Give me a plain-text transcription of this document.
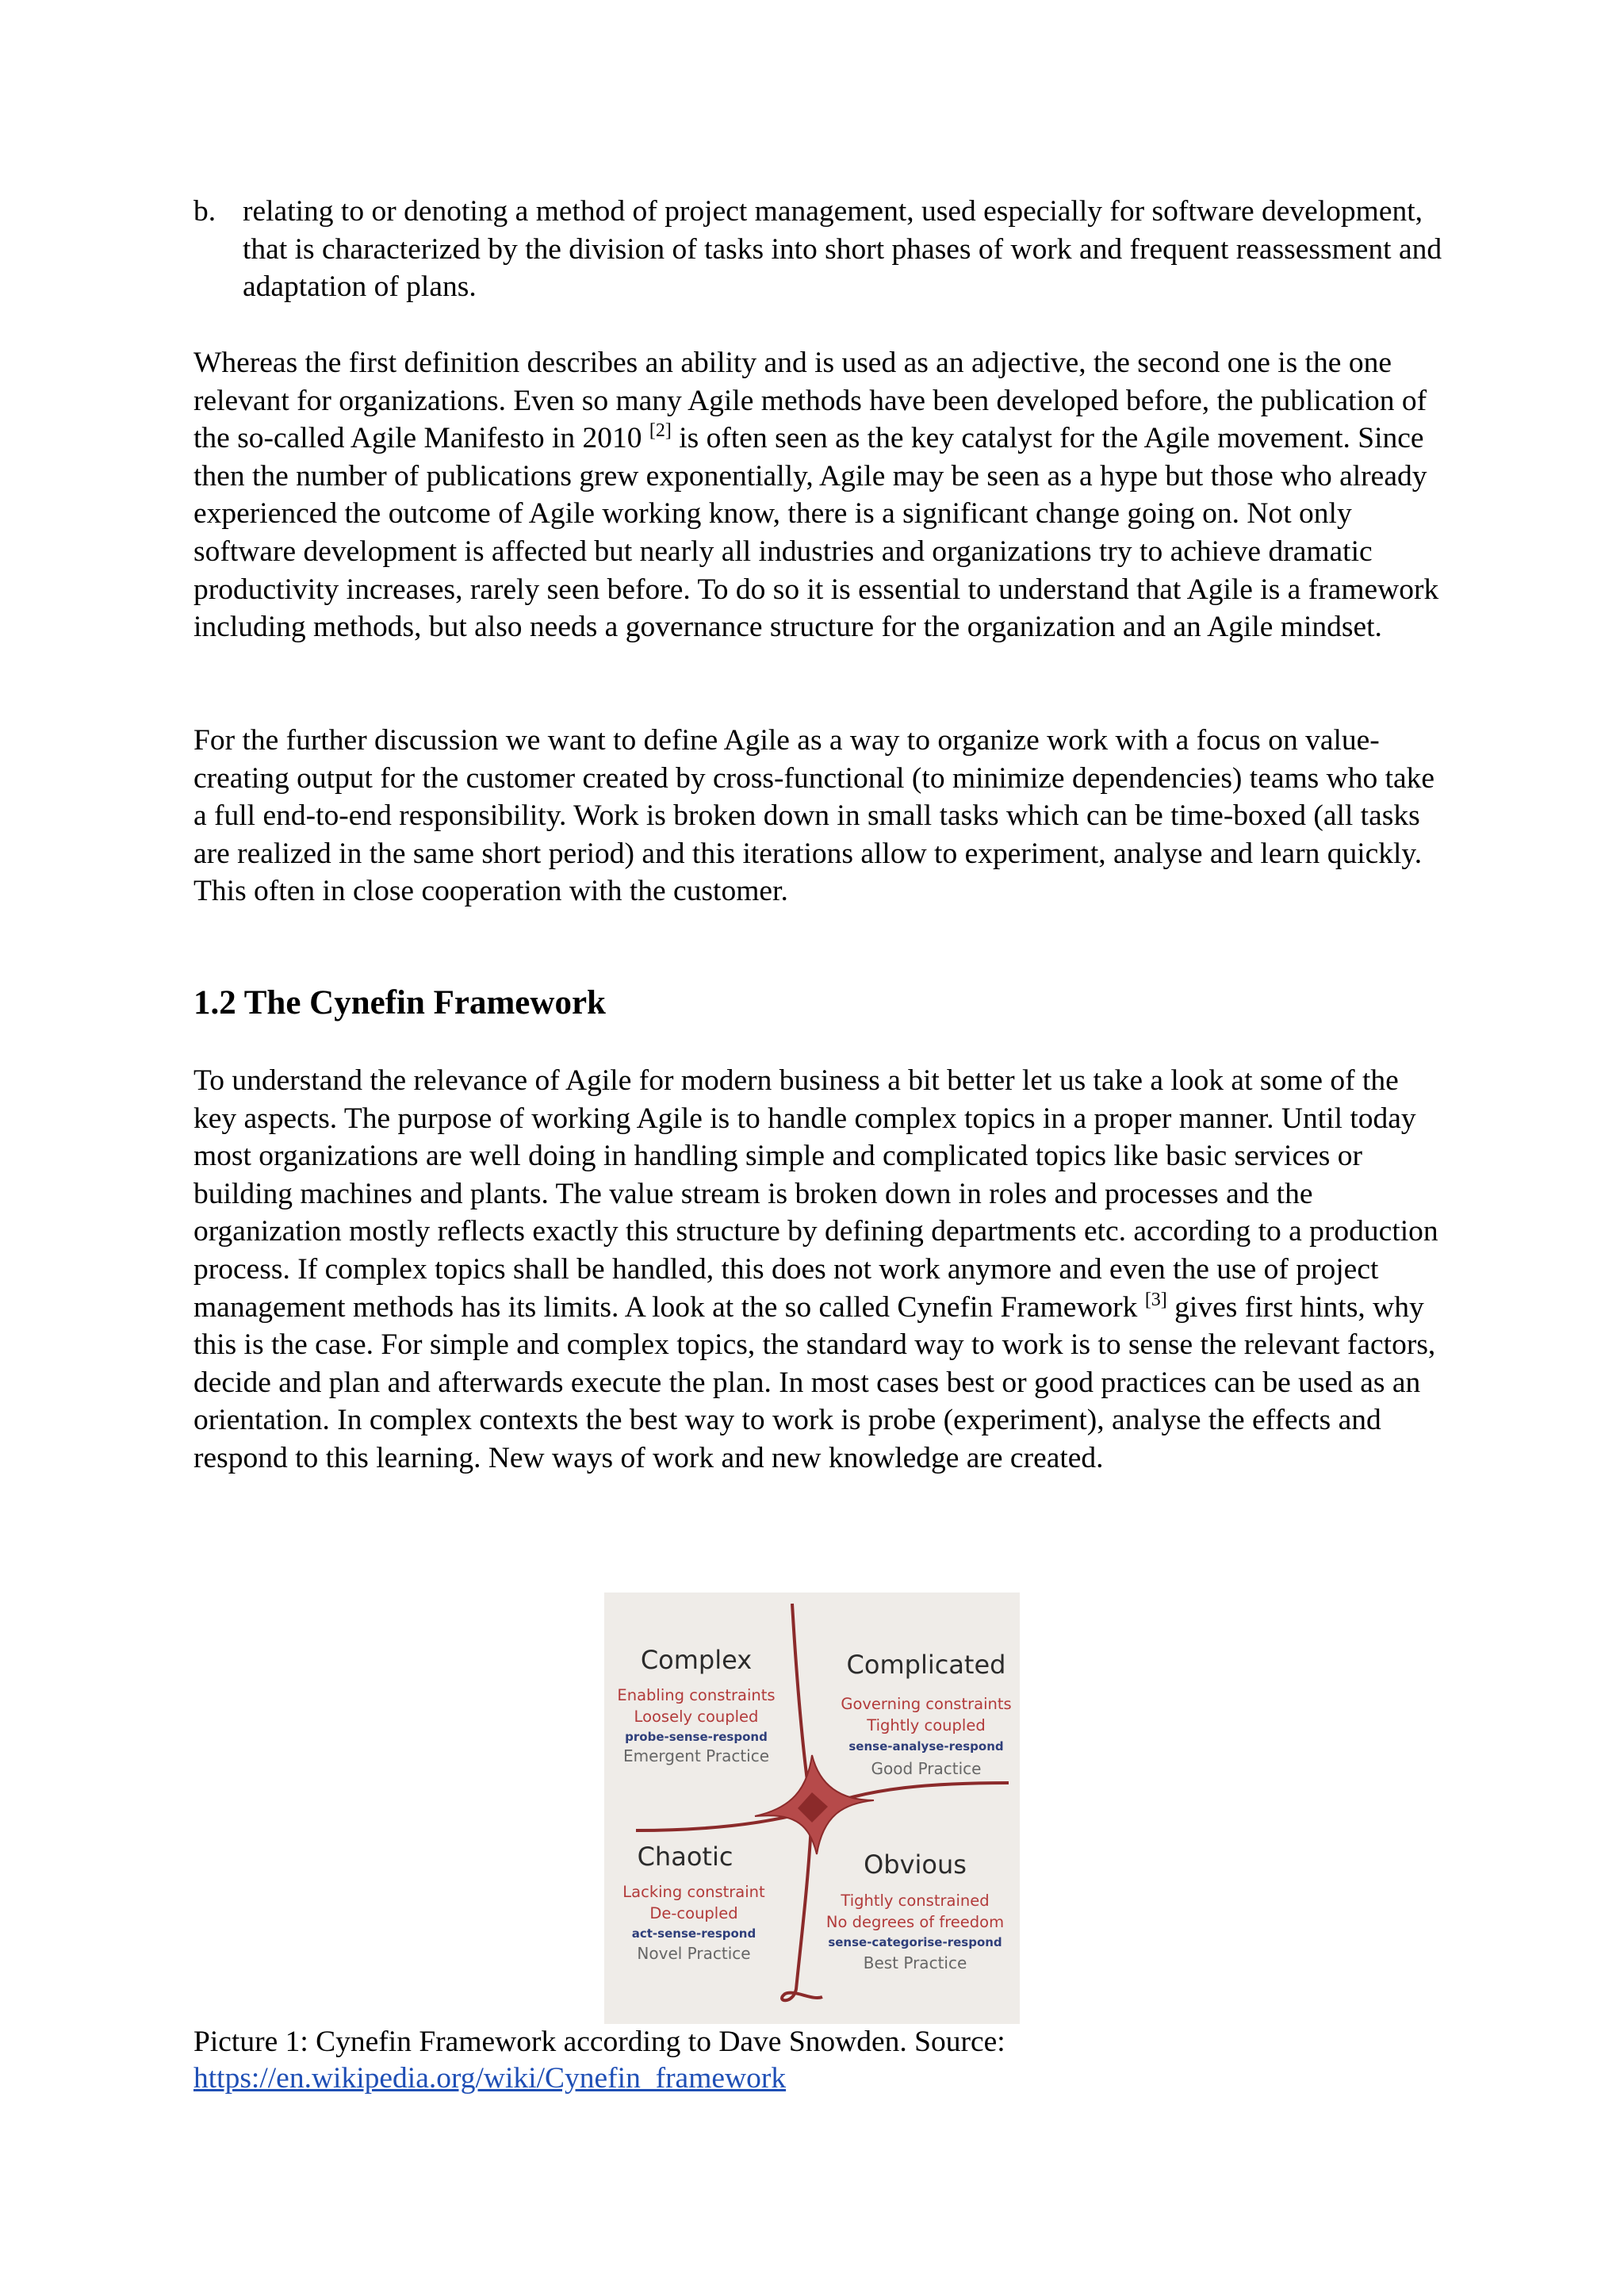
b. relating to or denoting a method of project management, used especially for software development, that is characterized by the division of tasks into short phases of work and frequent reassessment and adaptation of plans.

Whereas the first definition describes an ability and is used as an adjective, the second one is the one relevant for organizations. Even so many Agile methods have been developed before, the publication of the so-called Agile Manifesto in 2010 [2] is often seen as the key catalyst for the Agile movement. Since then the number of publications grew exponentially, Agile may be seen as a hype but those who already experienced the outcome of Agile working know, there is a significant change going on. Not only software development is affected but nearly all industries and organizations try to achieve dramatic productivity increases, rarely seen before. To do so it is essential to understand that Agile is a framework including methods, but also needs a governance structure for the organization and an Agile mindset.

For the further discussion we want to define Agile as a way to organize work with a focus on value-creating output for the customer created by cross-functional (to minimize dependencies) teams who take a full end-to-end responsibility. Work is broken down in small tasks which can be time-boxed (all tasks are realized in the same short period) and this iterations allow to experiment, analyse and learn quickly. This often in close cooperation with the customer.

1.2 The Cynefin Framework

To understand the relevance of Agile for modern business a bit better let us take a look at some of the key aspects. The purpose of working Agile is to handle complex topics in a proper manner. Until today most organizations are well doing in handling simple and complicated topics like basic services or building machines and plants. The value stream is broken down in roles and processes and the organization mostly reflects exactly this structure by defining departments etc. according to a production process. If complex topics shall be handled, this does not work anymore and even the use of project management methods has its limits. A look at the so called Cynefin Framework [3] gives first hints, why this is the case. For simple and complex topics, the standard way to work is to sense the relevant factors, decide and plan and afterwards execute the plan. In most cases best or good practices can be used as an orientation. In complex contexts the best way to work is probe (experiment), analyse the effects and respond to this learning. New ways of work and new knowledge are created.

Complex
Enabling constraints
Loosely coupled
probe-sense-respond
Emergent Practice
Complicated
Governing constraints
Tightly coupled
sense-analyse-respond
Good Practice
Chaotic
Lacking constraint
De-coupled
act-sense-respond
Novel Practice
Obvious
Tightly constrained
No degrees of freedom
sense-categorise-respond
Best Practice
Picture 1: Cynefin Framework according to Dave Snowden. Source:
https://en.wikipedia.org/wiki/Cynefin_framework
